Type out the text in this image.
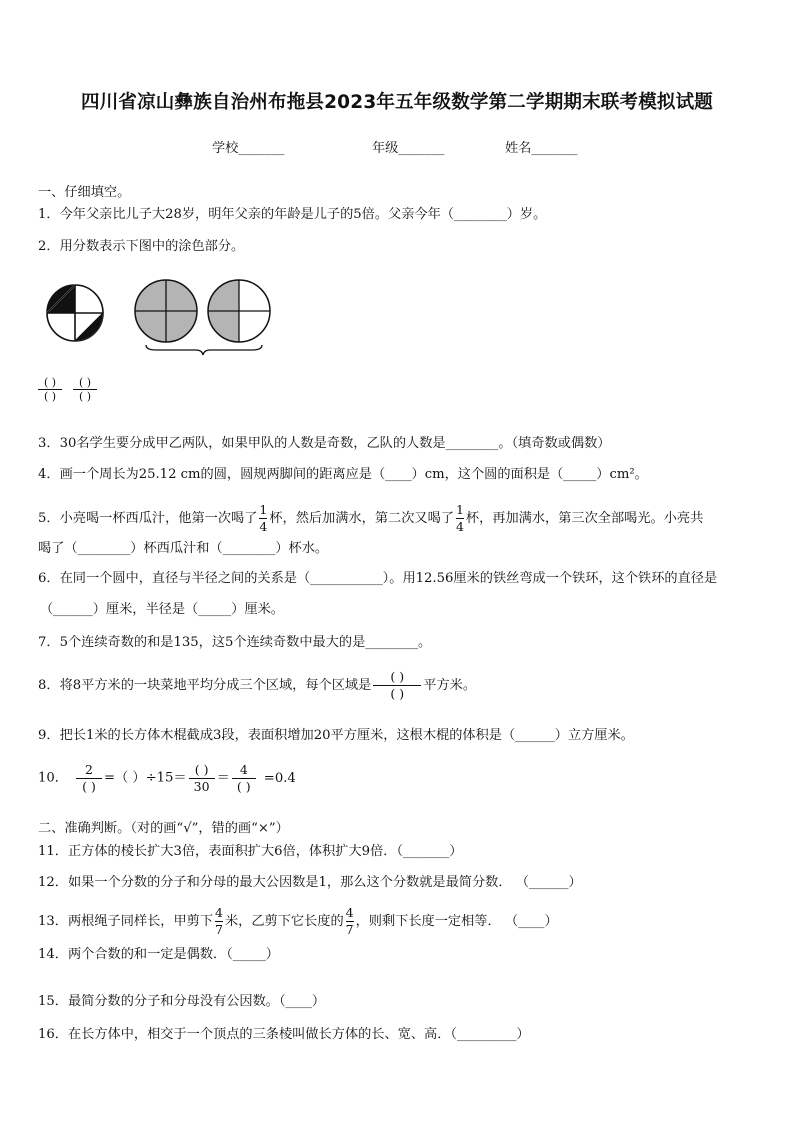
四川省凉山彝族自治州布拖县2023年五年级数学第二学期期末联考模拟试题
学校_______	年级_______	姓名_______
一、仔细填空。
1．今年父亲比儿子大28岁，明年父亲的年龄是儿子的5倍。父亲今年（________）岁。
2．用分数表示下图中的涂色部分。
( )
( )
( )
( )
3．30名学生要分成甲乙两队，如果甲队的人数是奇数，乙队的人数是________。（填奇数或偶数）
4．画一个周长为25.12 cm的圆，圆规两脚间的距离应是（____）cm，这个圆的面积是（_____）cm²。
5．小亮喝一杯西瓜汁，他第一次喝了 $\frac{1}{4}$ 杯，然后加满水，第二次又喝了 $\frac{1}{4}$ 杯，再加满水，第三次全部喝光。小亮共
喝了（________）杯西瓜汁和（________）杯水。
6．在同一个圆中，直径与半径之间的关系是（___________）。用12.56厘米的铁丝弯成一个铁环，这个铁环的直径是
（______）厘米，半径是（_____）厘米。
7．5个连续奇数的和是135，这5个连续奇数中最大的是________。
8．将8平方米的一块菜地平均分成三个区域，每个区域是 $\frac{( )}{( )}$ 平方米。
9．把长1米的长方体木棍截成3段，表面积增加20平方厘米，这根木棍的体积是（______）立方厘米。
10． $\frac{2}{( )}$ =（ ）$\div 15= \frac{( )}{30} = \frac{4}{( )} =0.4$
二、准确判断。（对的画“√”，错的画“×”）
11．正方体的棱长扩大3倍，表面积扩大6倍，体积扩大9倍．（_______）
12．如果一个分数的分子和分母的最大公因数是1，那么这个分数就是最简分数． （______）
13．两根绳子同样长，甲剪下 $\frac{4}{7}$ 米，乙剪下它长度的 $\frac{4}{7}$ ，则剩下长度一定相等． （____）
14．两个合数的和一定是偶数．（_____）
15．最简分数的分子和分母没有公因数。（____）
16．在长方体中，相交于一个顶点的三条棱叫做长方体的长、宽、高．（_________）
